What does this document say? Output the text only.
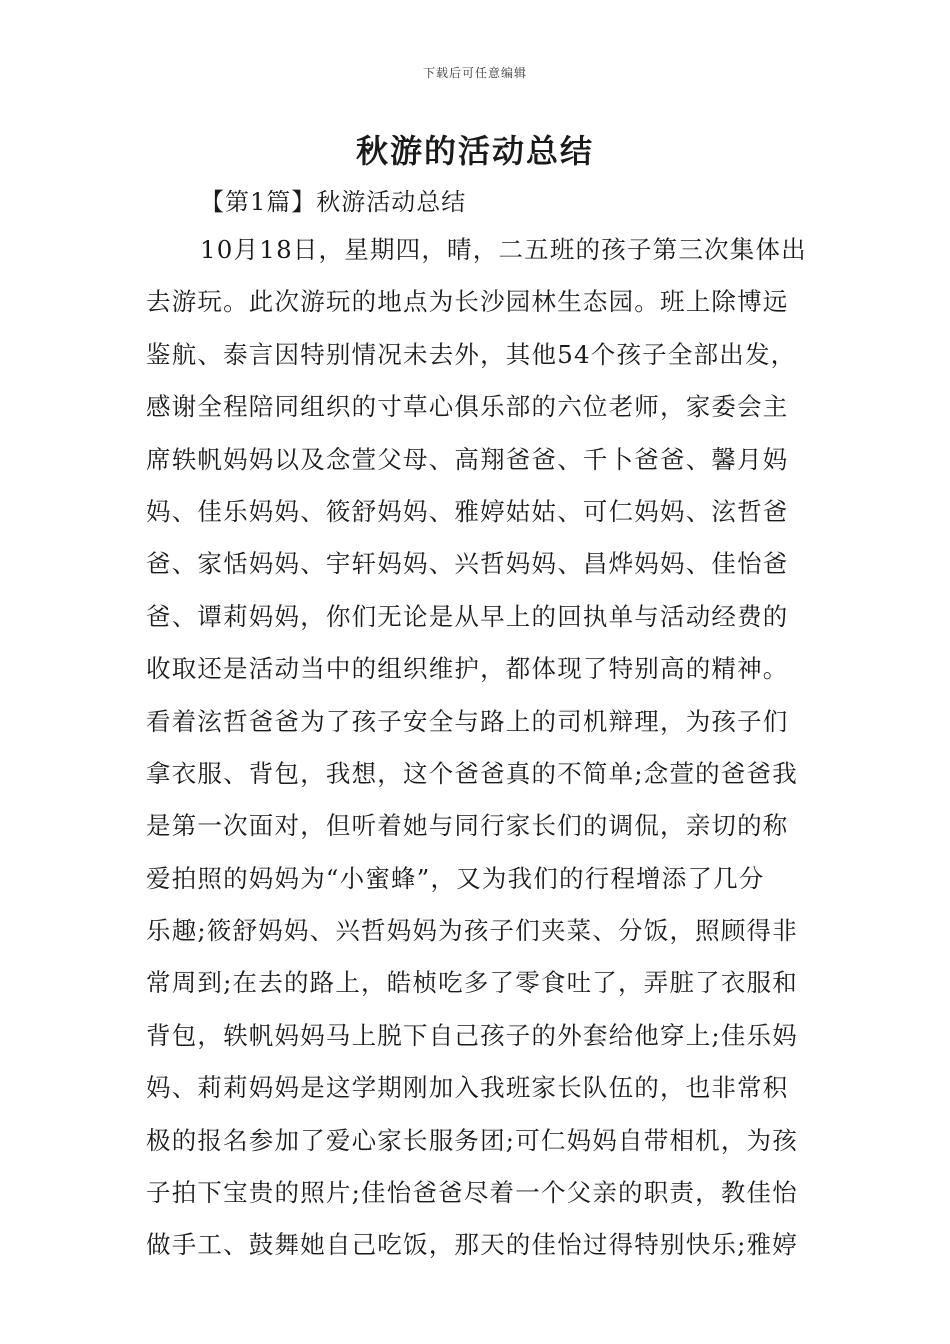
下载后可任意编辑
秋游的活动总结
【第1篇】秋游活动总结
10月18日，星期四，晴，二五班的孩子第三次集体出
去游玩。此次游玩的地点为长沙园林生态园。班上除博远
鉴航、泰言因特别情况未去外，其他54个孩子全部出发，
感谢全程陪同组织的寸草心俱乐部的六位老师，家委会主
席轶帆妈妈以及念萱父母、高翔爸爸、千卜爸爸、馨月妈
妈、佳乐妈妈、筱舒妈妈、雅婷姑姑、可仁妈妈、泫哲爸
爸、家恬妈妈、宇轩妈妈、兴哲妈妈、昌烨妈妈、佳怡爸
爸、谭莉妈妈，你们无论是从早上的回执单与活动经费的
收取还是活动当中的组织维护，都体现了特别高的精神。
看着泫哲爸爸为了孩子安全与路上的司机辩理，为孩子们
拿衣服、背包，我想，这个爸爸真的不简单;念萱的爸爸我
是第一次面对，但听着她与同行家长们的调侃，亲切的称
爱拍照的妈妈为“小蜜蜂”，又为我们的行程增添了几分
乐趣;筱舒妈妈、兴哲妈妈为孩子们夹菜、分饭，照顾得非
常周到;在去的路上，皓桢吃多了零食吐了，弄脏了衣服和
背包，轶帆妈妈马上脱下自己孩子的外套给他穿上;佳乐妈
妈、莉莉妈妈是这学期刚加入我班家长队伍的，也非常积
极的报名参加了爱心家长服务团;可仁妈妈自带相机，为孩
子拍下宝贵的照片;佳怡爸爸尽着一个父亲的职责，教佳怡
做手工、鼓舞她自己吃饭，那天的佳怡过得特别快乐;雅婷
